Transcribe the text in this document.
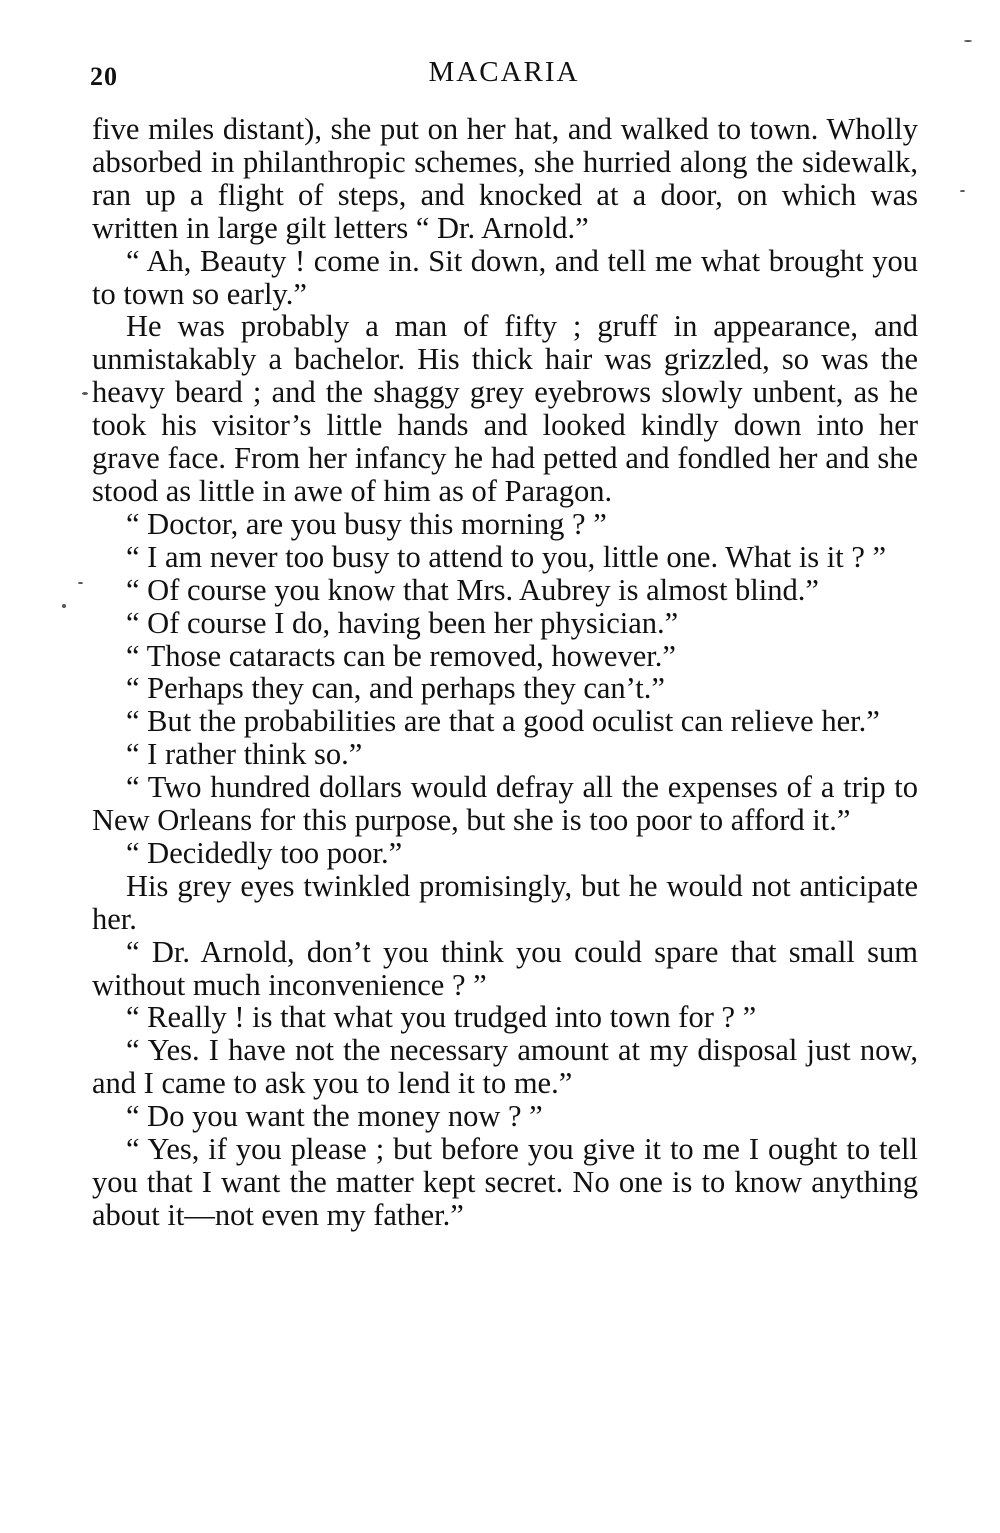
20	MACARIA

five miles distant), she put on her hat, and walked to town. Wholly absorbed in philanthropic schemes, she hurried along the sidewalk, ran up a flight of steps, and knocked at a door, on which was written in large gilt letters “ Dr. Arnold.”

“ Ah, Beauty ! come in. Sit down, and tell me what brought you to town so early.”

He was probably a man of fifty ; gruff in appearance, and unmistakably a bachelor. His thick hair was grizzled, so was the heavy beard ; and the shaggy grey eyebrows slowly unbent, as he took his visitor’s little hands and looked kindly down into her grave face. From her infancy he had petted and fondled her and she stood as little in awe of him as of Paragon.

“ Doctor, are you busy this morning ? ”

“ I am never too busy to attend to you, little one. What is it ? ”

“ Of course you know that Mrs. Aubrey is almost blind.”

“ Of course I do, having been her physician.”

“ Those cataracts can be removed, however.”

“ Perhaps they can, and perhaps they can’t.”

“ But the probabilities are that a good oculist can relieve her.”

“ I rather think so.”

“ Two hundred dollars would defray all the expenses of a trip to New Orleans for this purpose, but she is too poor to afford it.”

“ Decidedly too poor.”

His grey eyes twinkled promisingly, but he would not anticipate her.

“ Dr. Arnold, don’t you think you could spare that small sum without much inconvenience ? ”

“ Really ! is that what you trudged into town for ? ”

“ Yes. I have not the necessary amount at my disposal just now, and I came to ask you to lend it to me.”

“ Do you want the money now ? ”

“ Yes, if you please ; but before you give it to me I ought to tell you that I want the matter kept secret. No one is to know anything about it—not even my father.”
